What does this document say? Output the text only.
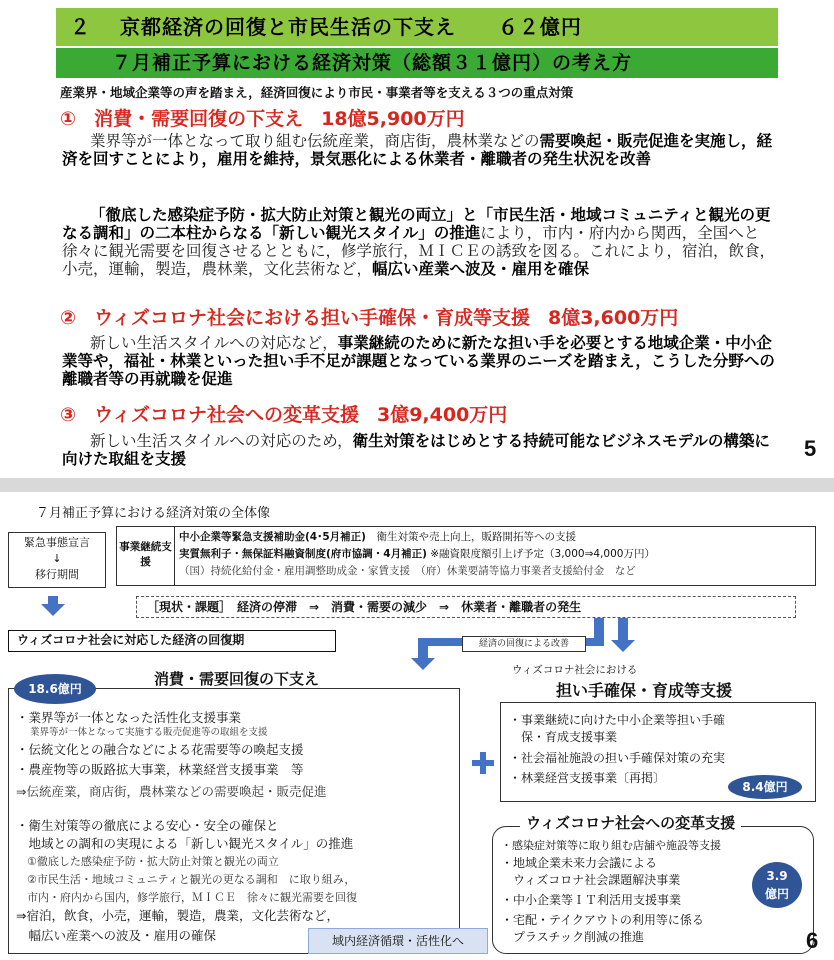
２　 京都経済の回復と市民生活の下支え ６２億円
７月補正予算における経済対策（総額３１億円）の考え方
産業界・地域企業等の声を踏まえ，経済回復により市民・事業者等を支える３つの重点対策
① 消費・需要回復の下支え 18億5,900万円
業界等が一体となって取り組む伝統産業，商店街，農林業などの需要喚起・販売促進を実施し，経済を回すことにより，雇用を維持，景気悪化による休業者・離職者の発生状況を改善
「徹底した感染症予防・拡大防止対策と観光の両立」と「市民生活・地域コミュニティと観光の更なる調和」の二本柱からなる「新しい観光スタイル」の推進により，市内・府内から関西，全国へと徐々に観光需要を回復させるとともに，修学旅行，ＭＩＣＥの誘致を図る。これにより，宿泊，飲食，小売，運輸，製造，農林業，文化芸術など，幅広い産業へ波及・雇用を確保
② ウィズコロナ社会における担い手確保・育成等支援 8億3,600万円
新しい生活スタイルへの対応など，事業継続のために新たな担い手を必要とする地域企業・中小企業等や，福祉・林業といった担い手不足が課題となっている業界のニーズを踏まえ，こうした分野への離職者等の再就職を促進
③ ウィズコロナ社会への変革支援 3億9,400万円
新しい生活スタイルへの対応のため，衛生対策をはじめとする持続可能なビジネスモデルの構築に向けた取組を支援	5
７月補正予算における経済対策の全体像
緊急事態宣言
↓
移行期間
事業継続支援
中小企業等緊急支援補助金(4･5月補正)　衛生対策や売上向上，販路開拓等への支援
実質無利子・無保証料融資制度(府市協調・4月補正) ※融資限度額引上げ予定（3,000⇒4,000万円）
（国）持続化給付金・雇用調整助成金・家賃支援　（府）休業要請等協力事業者支援給付金　など
［現状・課題］　経済の停滞　⇒　消費・需要の減少　⇒　休業者・離職者の発生
ウィズコロナ社会に対応した経済の回復期	経済の回復による改善
18.6億円
消費・需要回復の下支え
・業界等が一体となった活性化支援事業
業界等が一体となって実施する販売促進等の取組を支援
・伝統文化との融合などによる花需要等の喚起支援
・農産物等の販路拡大事業，林業経営支援事業　等
⇒伝統産業，商店街，農林業などの需要喚起・販売促進
・衛生対策等の徹底による安心・安全の確保と
　地域との調和の実現による「新しい観光スタイル」の推進
　①徹底した感染症予防・拡大防止対策と観光の両立
　②市民生活・地域コミュニティと観光の更なる調和　に取り組み，
　市内・府内から国内，修学旅行，ＭＩＣＥ　徐々に観光需要を回復
⇒宿泊，飲食，小売，運輸，製造，農業，文化芸術など，
　幅広い産業への波及・雇用の確保
ウィズコロナ社会における
担い手確保・育成等支援
・事業継続に向けた中小企業等担い手確
　保・育成支援事業
・社会福祉施設の担い手確保対策の充実
・林業経営支援事業〔再掲〕
8.4億円
・感染症対策等に取り組む店舗や施設等支援
・地域企業未来力会議による
　ウィズコロナ社会課題解決事業
・中小企業等ＩＴ利活用支援事業
・宅配・テイクアウトの利用等に係る
　プラスチック削減の推進
ウィズコロナ社会への変革支援
3.9
億円
域内経済循環・活性化へ	6
